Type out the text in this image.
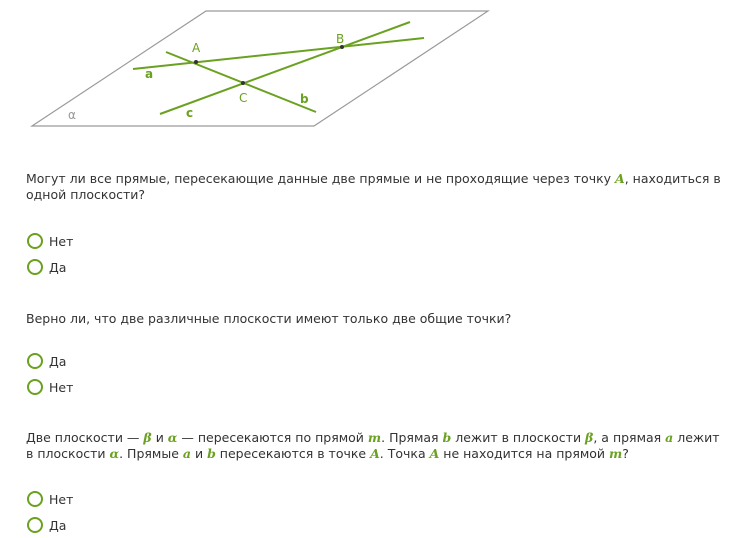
α
A
B
C
a
b
c
Могут ли все прямые, пересекающие данные две прямые и не проходящие через точку A, находиться в одной плоскости?
Нет
Да
Верно ли, что две различные плоскости имеют только две общие точки?
Да
Нет
Две плоскости — β и α — пересекаются по прямой m. Прямая b лежит в плоскости β, а прямая a лежит в плоскости α. Прямые a и b пересекаются в точке A. Точка A не находится на прямой m?
Нет
Да
